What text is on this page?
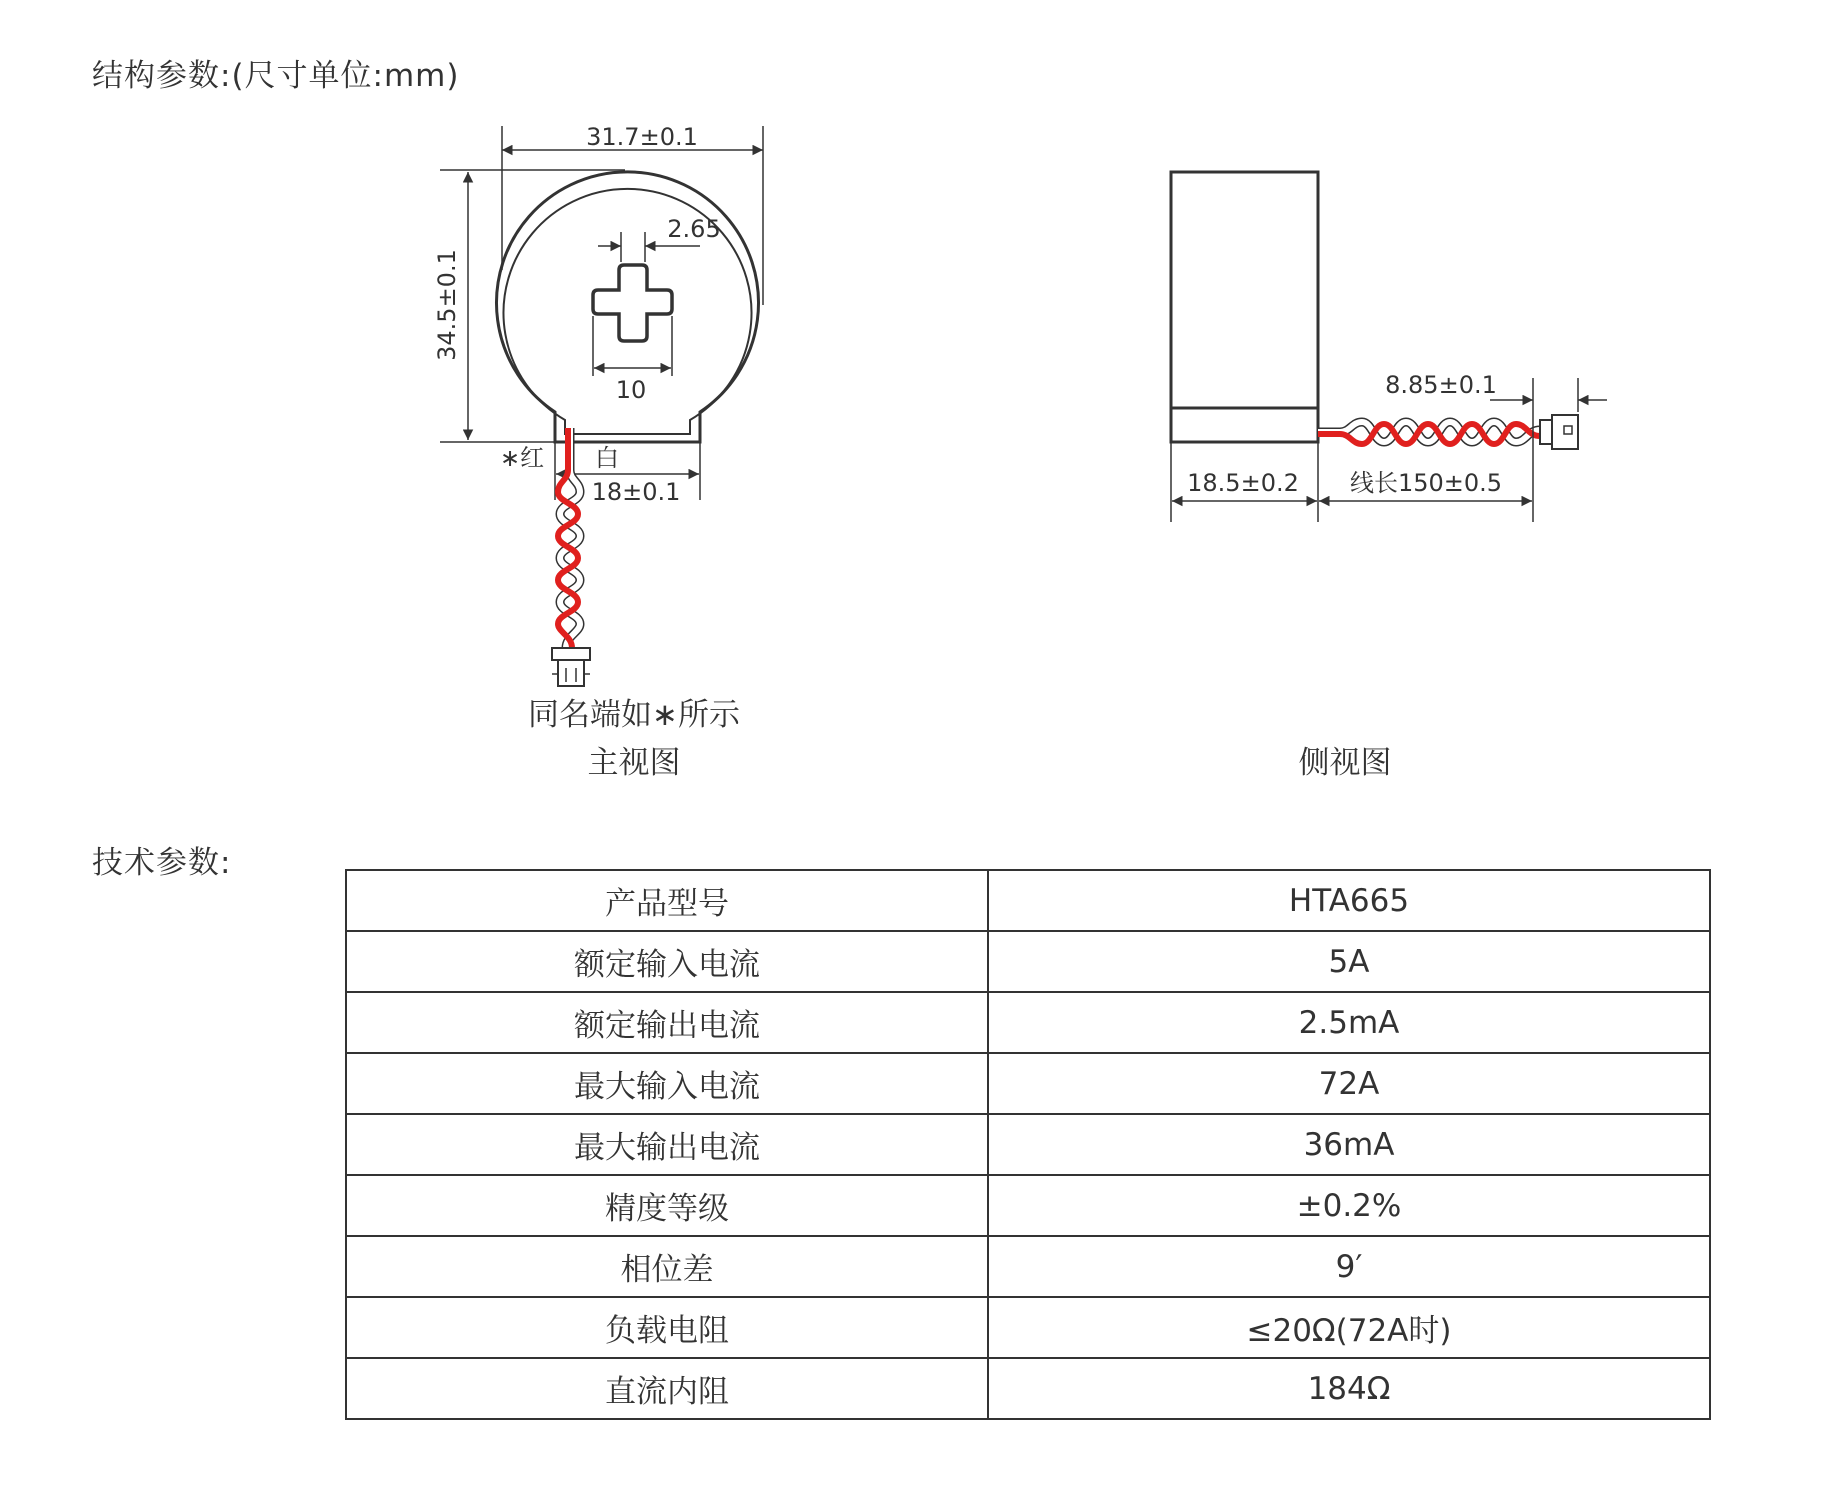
结构参数:(尺寸单位:mm)
31.7±0.1
34.5±0.1
2.65
10
18±0.1
∗红 白
同名端如∗所示
主视图
8.85±0.1
18.5±0.2 线长150±0.5
侧视图
技术参数:
产品型号	HTA665
额定输入电流	5A
额定输出电流	2.5mA
最大输入电流	72A
最大输出电流	36mA
精度等级	±0.2%
相位差	9′
负载电阻	≤20Ω(72A时)
直流内阻	184Ω
